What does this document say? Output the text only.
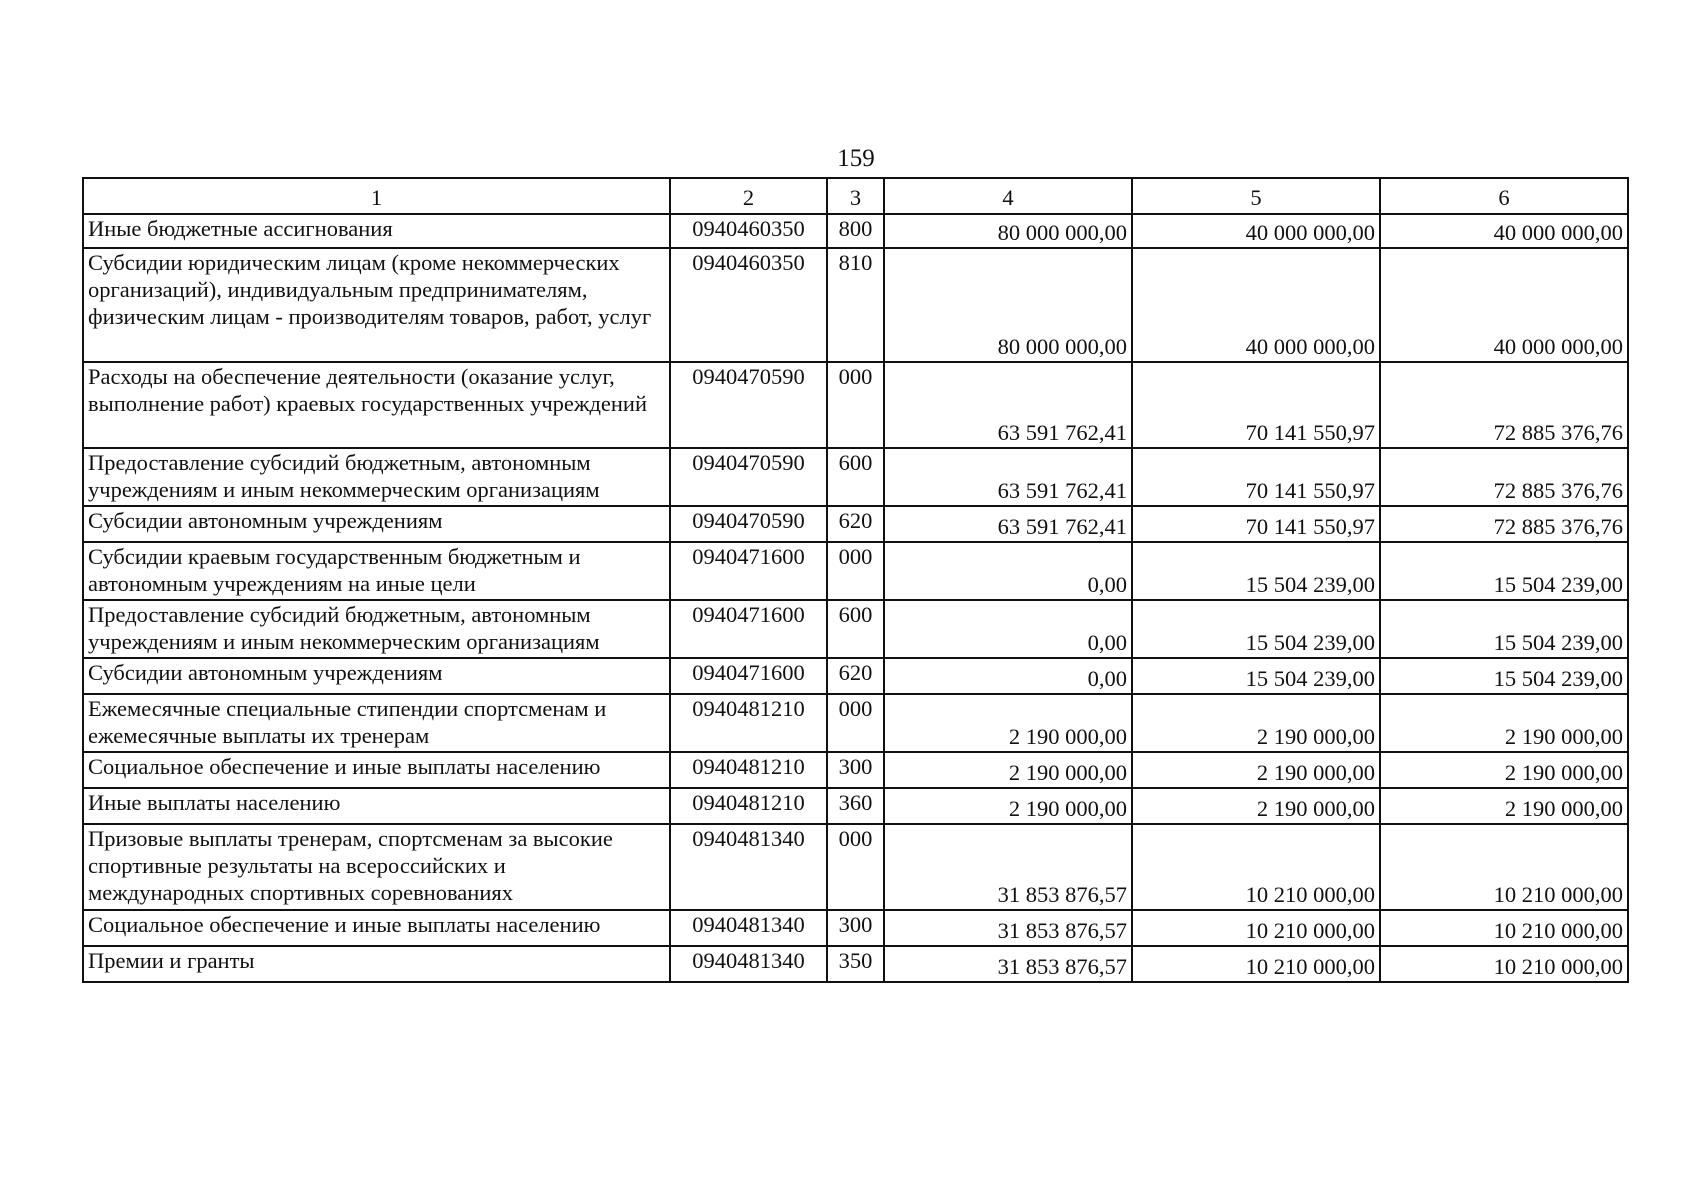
159
1	2	3	4	5	6
Иные бюджетные ассигнования	0940460350	800	80 000 000,00	40 000 000,00	40 000 000,00
Субсидии юридическим лицам (кроме некоммерческих организаций), индивидуальным предпринимателям, физическим лицам - производителям товаров, работ, услуг	0940460350	810	80 000 000,00	40 000 000,00	40 000 000,00
Расходы на обеспечение деятельности (оказание услуг, выполнение работ) краевых государственных учреждений	0940470590	000	63 591 762,41	70 141 550,97	72 885 376,76
Предоставление субсидий бюджетным, автономным учреждениям и иным некоммерческим организациям	0940470590	600	63 591 762,41	70 141 550,97	72 885 376,76
Субсидии автономным учреждениям	0940470590	620	63 591 762,41	70 141 550,97	72 885 376,76
Субсидии краевым государственным бюджетным и автономным учреждениям на иные цели	0940471600	000	0,00	15 504 239,00	15 504 239,00
Предоставление субсидий бюджетным, автономным учреждениям и иным некоммерческим организациям	0940471600	600	0,00	15 504 239,00	15 504 239,00
Субсидии автономным учреждениям	0940471600	620	0,00	15 504 239,00	15 504 239,00
Ежемесячные специальные стипендии спортсменам и ежемесячные выплаты их тренерам	0940481210	000	2 190 000,00	2 190 000,00	2 190 000,00
Социальное обеспечение и иные выплаты населению	0940481210	300	2 190 000,00	2 190 000,00	2 190 000,00
Иные выплаты населению	0940481210	360	2 190 000,00	2 190 000,00	2 190 000,00
Призовые выплаты тренерам, спортсменам за высокие спортивные результаты на всероссийских и международных спортивных соревнованиях	0940481340	000	31 853 876,57	10 210 000,00	10 210 000,00
Социальное обеспечение и иные выплаты населению	0940481340	300	31 853 876,57	10 210 000,00	10 210 000,00
Премии и гранты	0940481340	350	31 853 876,57	10 210 000,00	10 210 000,00
